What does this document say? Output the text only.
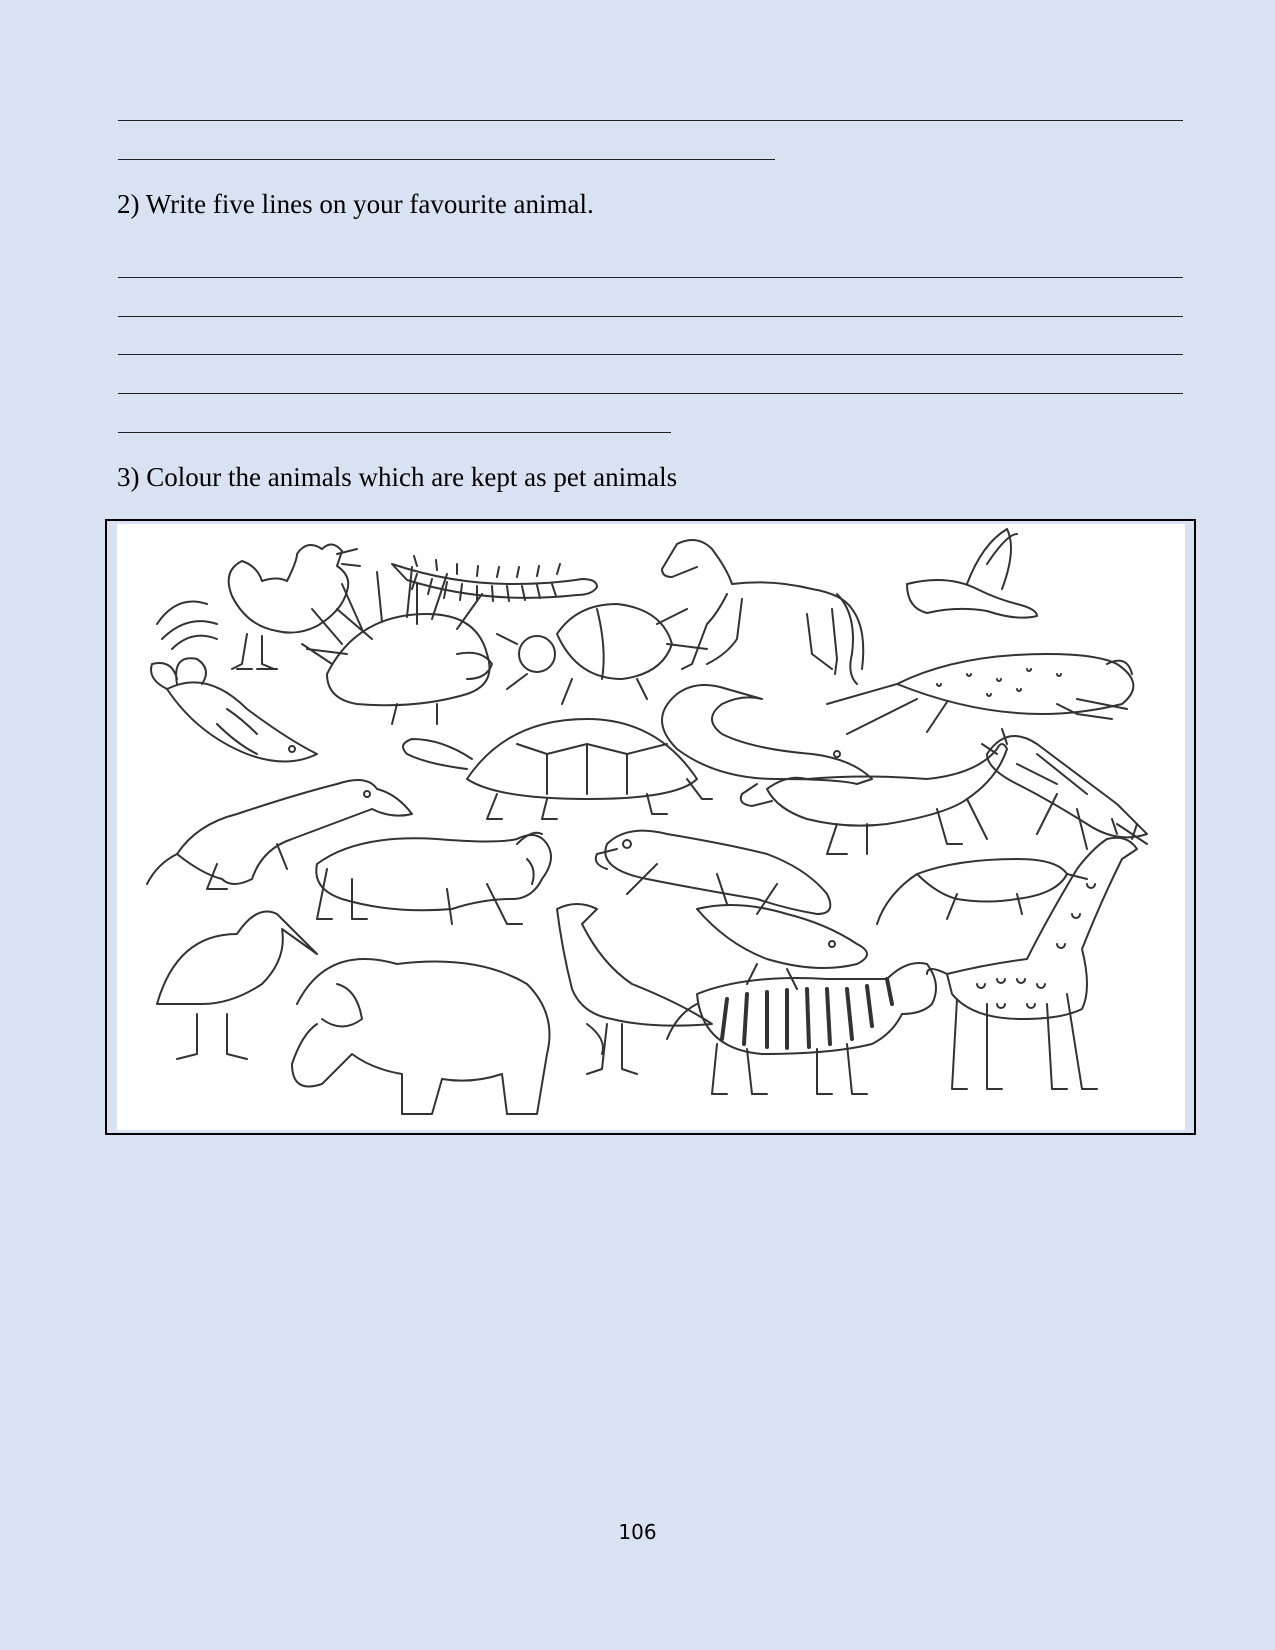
2) Write five lines on your favourite animal.
3) Colour the animals which are kept as pet animals
106
